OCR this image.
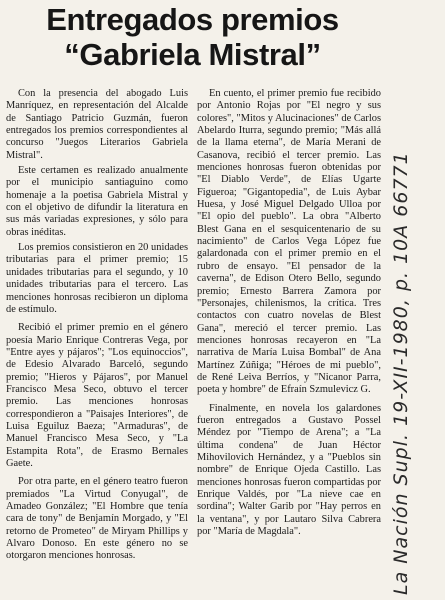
Entregados premios
“Gabriela Mistral”

Con la presencia del abogado Luis Manríquez, en representación del Alcalde de Santiago Patricio Guzmán, fueron entregados los premios correspondientes al concurso "Juegos Literarios Gabriela Mistral".

Este certamen es realizado anualmente por el municipio santiaguino como homenaje a la poetisa Gabriela Mistral y con el objetivo de difundir la literatura en sus más variadas expresiones, y sólo para obras inéditas.

Los premios consistieron en 20 unidades tributarias para el primer premio; 15 unidades tributarias para el segundo, y 10 unidades tributarias para el tercero. Las menciones honrosas recibieron un diploma de estímulo.

Recibió el primer premio en el género poesía Mario Enrique Contreras Vega, por "Entre ayes y pájaros"; "Los equinoccios", de Edesio Alvarado Barceló, segundo premio; "Hieros y Pájaros", por Manuel Francisco Mesa Seco, obtuvo el tercer premio. Las menciones honrosas correspondieron a "Paisajes Interiores", de Luisa Eguiluz Baeza; "Armaduras", de Manuel Francisco Mesa Seco, y "La Estampita Rota", de Erasmo Bernales Gaete.

Por otra parte, en el género teatro fueron premiados "La Virtud Conyugal", de Amadeo González; "El Hombre que tenía cara de tony" de Benjamín Morgado, y "El retorno de Prometeo" de Miryam Phillips y Alvaro Donoso. En este género no se otorgaron menciones honrosas.

En cuento, el primer premio fue recibido por Antonio Rojas por "El negro y sus colores", "Mitos y Alucinaciones" de Carlos Abelardo Iturra, segundo premio; "Más allá de la llama eterna", de María Merani de Casanova, recibió el tercer premio. Las menciones honrosas fueron obtenidas por "El Diablo Verde", de Elías Ugarte Figueroa; "Gigantopedia", de Luis Aybar Huesa, y José Miguel Delgado Ulloa por "El opio del pueblo". La obra "Alberto Blest Gana en el sesquicentenario de su nacimiento" de Carlos Vega López fue galardonada con el primer premio en el rubro de ensayo. "El pensador de la caverna", de Edison Otero Bello, segundo premio; Ernesto Barrera Zamora por "Personajes, chilenismos, la crítica. Tres contactos con cuatro novelas de Blest Gana", mereció el tercer premio. Las menciones honrosas recayeron en "La narrativa de María Luisa Bombal" de Ana Martínez Zúñiga; "Héroes de mi pueblo", de René Leiva Berríos, y "Nicanor Parra, poeta y hombre" de Efraín Szmulevicz G.

Finalmente, en novela los galardones fueron entregados a Gustavo Possel Méndez por "Tiempo de Arena"; a "La última condena" de Juan Héctor Mihovilovich Hernández, y a "Pueblos sin nombre" de Enrique Ojeda Castillo. Las menciones honrosas fueron compartidas por Enrique Valdés, por "La nieve cae en sordina"; Walter Garib por "Hay perros en la ventana", y por Lautaro Silva Cabrera por "María de Magdala".	La Nación Supl. 19-XII-1980, p. 10A 66771
